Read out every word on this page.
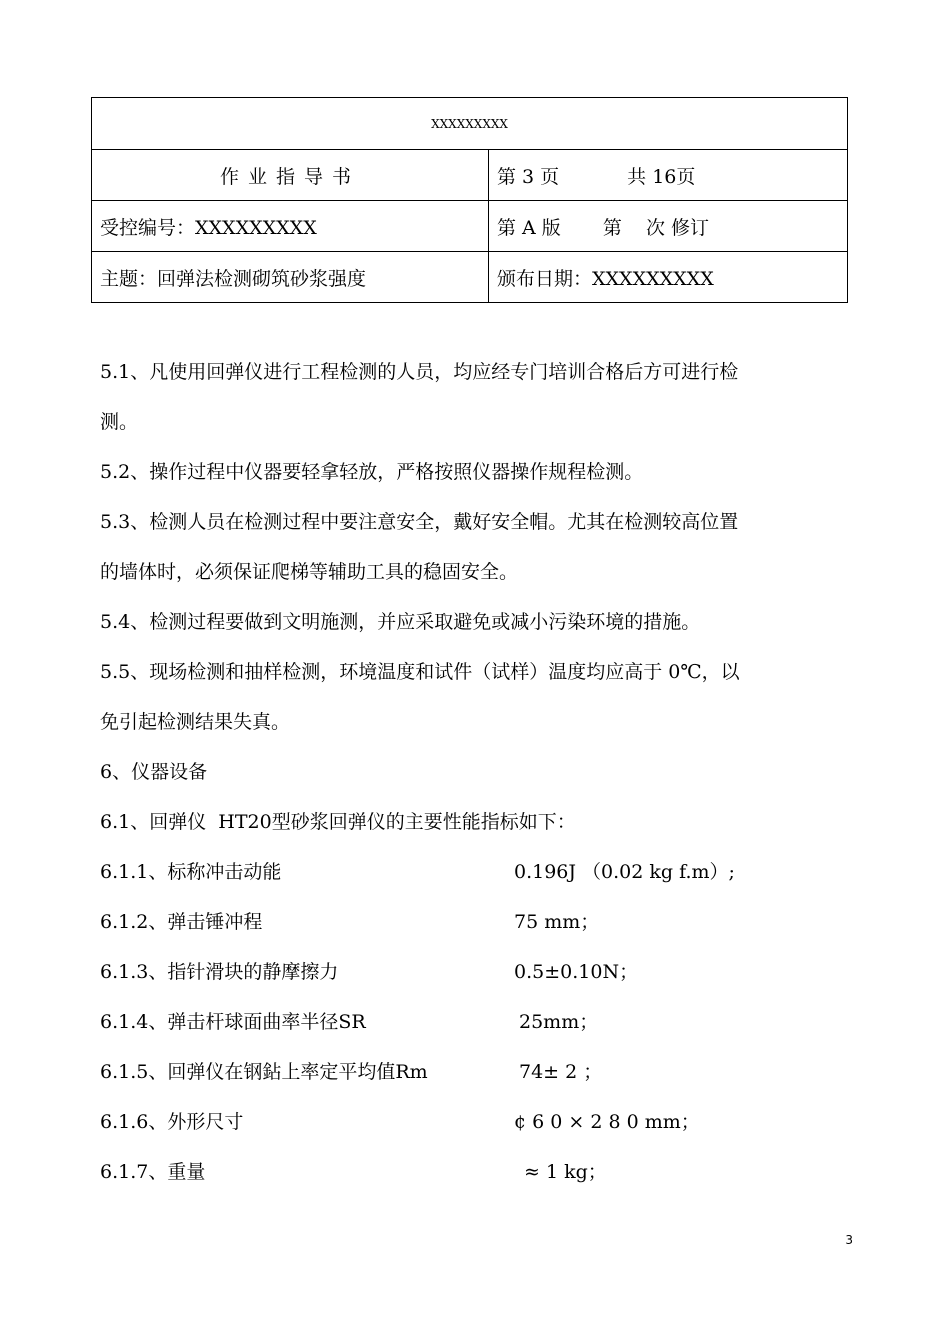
XXXXXXXXX	
作业指导书	第 3 页 共 16页
受控编号：XXXXXXXXX	第 A 版 第    次 修订
主题：回弹法检测砌筑砂浆强度	颁布日期：XXXXXXXXX
5.1、凡使用回弹仪进行工程检测的人员，均应经专门培训合格后方可进行检
测。
5.2、操作过程中仪器要轻拿轻放，严格按照仪器操作规程检测。
5.3、检测人员在检测过程中要注意安全，戴好安全帽。尤其在检测较高位置
的墙体时，必须保证爬梯等辅助工具的稳固安全。
5.4、检测过程要做到文明施测，并应采取避免或减小污染环境的措施。
5.5、现场检测和抽样检测，环境温度和试件（试样）温度均应高于 0℃，以
免引起检测结果失真。
6、仪器设备
6.1、回弹仪  HT20型砂浆回弹仪的主要性能指标如下：
6.1.1、标称冲击动能	0.196J （0.02 kg f.m）;
6.1.2、弹击锤冲程	75 mm；
6.1.3、指针滑块的静摩擦力	0.5±0.10N；
6.1.4、弹击杆球面曲率半径SR	25mm；
6.1.5、回弹仪在钢鉆上率定平均值Rm	74± 2 ；
6.1.6、外形尺寸	¢ 6 0 × 2 8 0 mm；
6.1.7、重量	≈ 1 kg；
3
